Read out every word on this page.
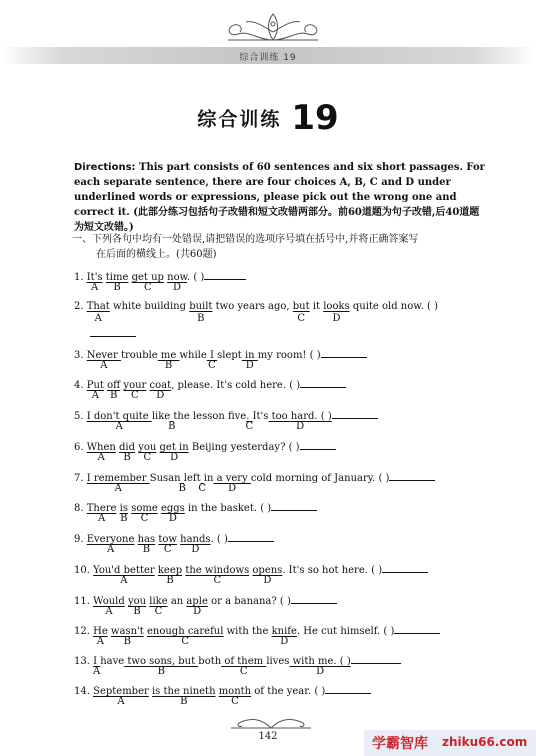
综合训练 19
综合训练 19
Directions: This part consists of 60 sentences and six short passages. For each separate sentence, there are four choices A, B, C and D under underlined words or expressions, please pick out the wrong one and correct it. (此部分练习包括句子改错和短文改错两部分。前60道题为句子改错,后40道题为短文改错。)
一、下列各句中均有一处错误,请把错误的选项序号填在括号中,并将正确答案写
在后面的横线上。(共60题)
1. It's time get up now. ( )
A B C D
2. That white building built two years ago, but it looks quite old now. ( )
A	B	C	D
3. Never trouble me while I slept in my room! ( )
A	B	C	D
4. Put off your coat, please. It's cold here. ( )
A B C D
5. I don't quite like the lesson five. It's too hard. ( )
A	B	C	D
6. When did you get in Beijing yesterday? ( )
A B C D
7. I remember Susan left in a very cold morning of January. ( )
A	B C D
8. There is some eggs in the basket. ( )
A B C D
9. Everyone has tow hands. ( )
A	B C D
10. You'd better keep the windows opens. It's so hot here. ( )
A	B	C	D
11. Would you like an aple or a banana? ( )
A B C	D
12. He wasn't enough careful with the knife. He cut himself. ( )
A B	C	D
13. I have two sons, but both of them lives with me. ( )
A	B	C	D
14. September is the nineth month of the year. ( )
A	B	C
142	学霸智库 zhiku66.com
